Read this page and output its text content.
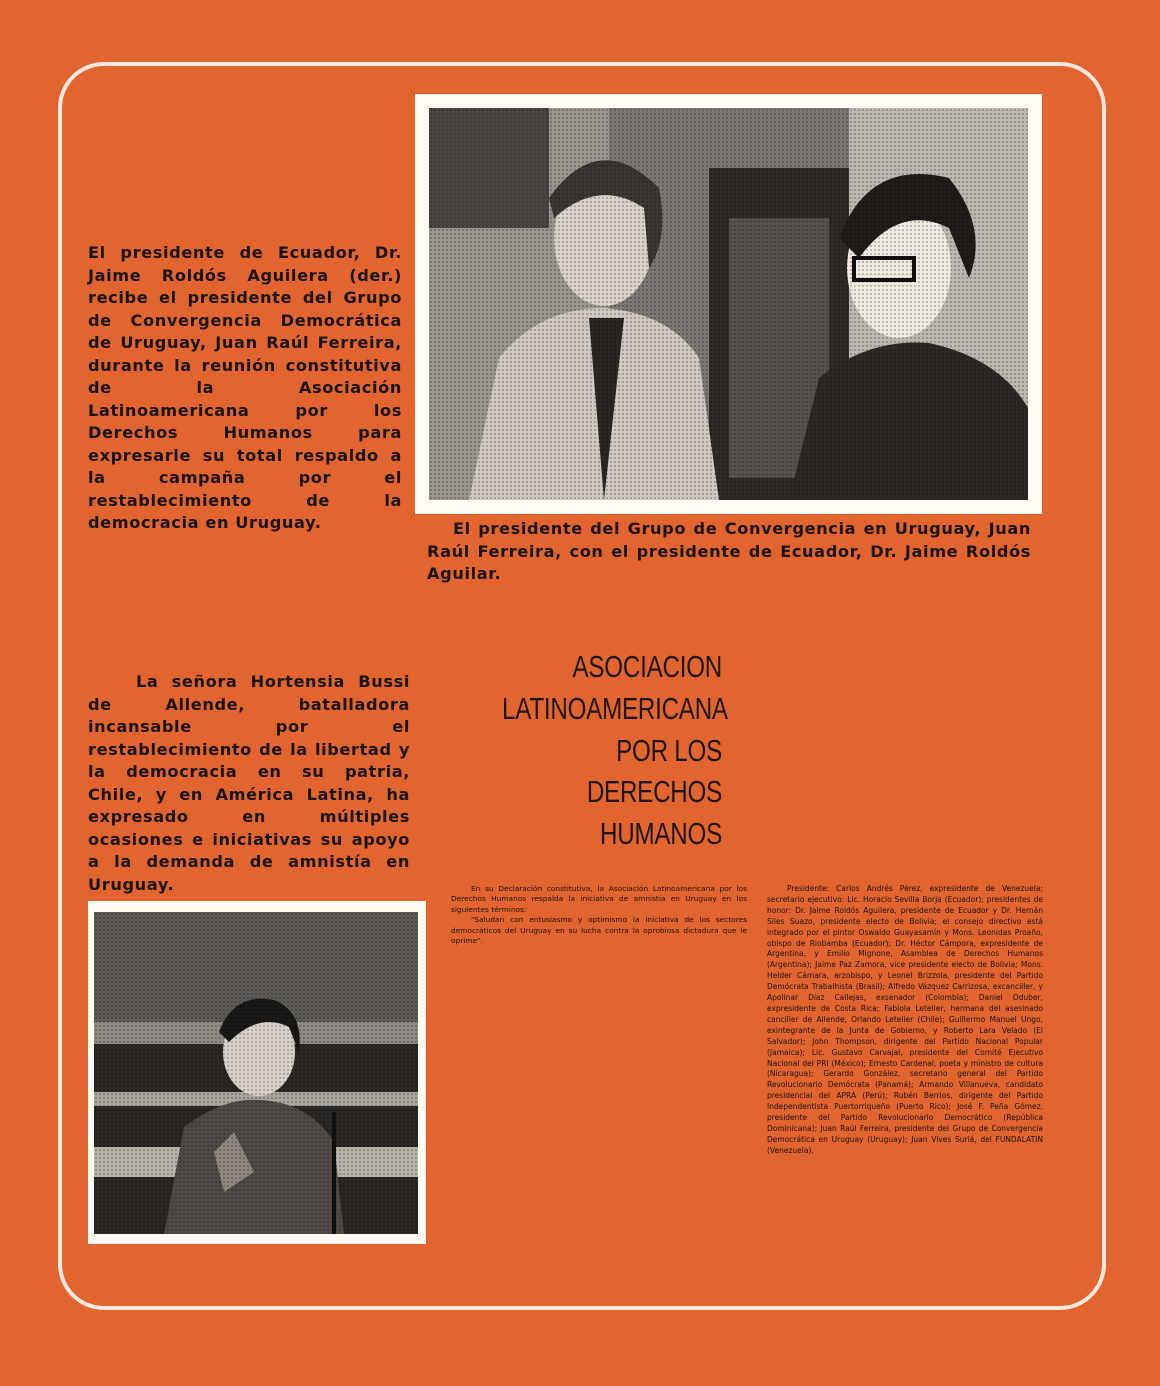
El presidente de Ecuador, Dr. Jaime Roldós Aguilera (der.) recibe el presidente del Grupo de Convergencia Democrática de Uruguay, Juan Raúl Ferreira, durante la reunión constitutiva de la Asociación Latinoamericana por los Derechos Humanos para expresarle su total respaldo a la campaña por el restablecimiento de la democracia en Uruguay.	El presidente del Grupo de Convergencia en Uruguay, Juan Raúl Ferreira, con el presidente de Ecuador, Dr. Jaime Roldós Aguilar.
La señora Hortensia Bussi de Allende, batalladora incansable por el restablecimiento de la libertad y la democracia en su patria, Chile, y en América Latina, ha expresado en múltiples ocasiones e iniciativas su apoyo a la demanda de amnistía en Uruguay.
ASOCIACION
LATINOAMERICANA
POR LOS
DERECHOS
HUMANOS

En su Declaración constitutiva, la Asociación Latinoamericana por los Derechos Humanos respalda la iniciativa de amnistía en Uruguay en los siguientes términos:

"Saludan con entusiasmo y optimismo la iniciativa de los sectores democráticos del Uruguay en su lucha contra la oprobiosa dictadura que le oprime".

Presidente: Carlos Andrés Pérez, expresidente de Venezuela; secretario ejecutivo: Lic. Horacio Sevilla Borja (Ecuador); presidentes de honor: Dr. Jaime Roldós Aguilera, presidente de Ecuador y Dr. Hernán Siles Suazo, presidente electo de Bolivia; el consejo directivo está integrado por el pintor Oswaldo Guayasamín y Mons. Leonidas Proaño, obispo de Riobamba (Ecuador); Dr. Héctor Cámpora, expresidente de Argentina, y Emilio Mignone, Asamblea de Derechos Humanos (Argentina); Jaime Paz Zamora, vice presidente electo de Bolivia; Mons. Helder Cámara, arzobispo, y Leonel Brizzola, presidente del Partido Demócrata Trabalhista (Brasil); Alfredo Vázquez Carrizosa, excanciller, y Apolinar Díaz Callejas, exsenador (Colombia); Daniel Oduber, expresidente de Costa Rica; Fabiola Letelier, hermana del asesinado canciller de Allende, Orlando Letelier (Chile); Guillermo Manuel Ungo, exintegrante de la Junta de Gobierno, y Roberto Lara Velado (El Salvador); John Thompson, dirigente del Partido Nacional Popular (Jamaica); Lic. Gustavo Carvajal, presidente del Comité Ejecutivo Nacional del PRI (México); Ernesto Cardenal, poeta y ministro de cultura (Nicaragua); Gerardo González, secretario general del Partido Revolucionario Demócrata (Panamá); Armando Villanueva, candidato presidencial del APRA (Perú); Rubén Berrios, dirigente del Partido Independentista Puertorriqueño (Puerto Rico); José F. Peña Gómez, presidente del Partido Revolucionario Democrático (República Dominicana); Juan Raúl Ferreira, presidente del Grupo de Convergencia Democrática en Uruguay (Uruguay); Juan Vives Suriá, del FUNDALATIN (Venezuela).
